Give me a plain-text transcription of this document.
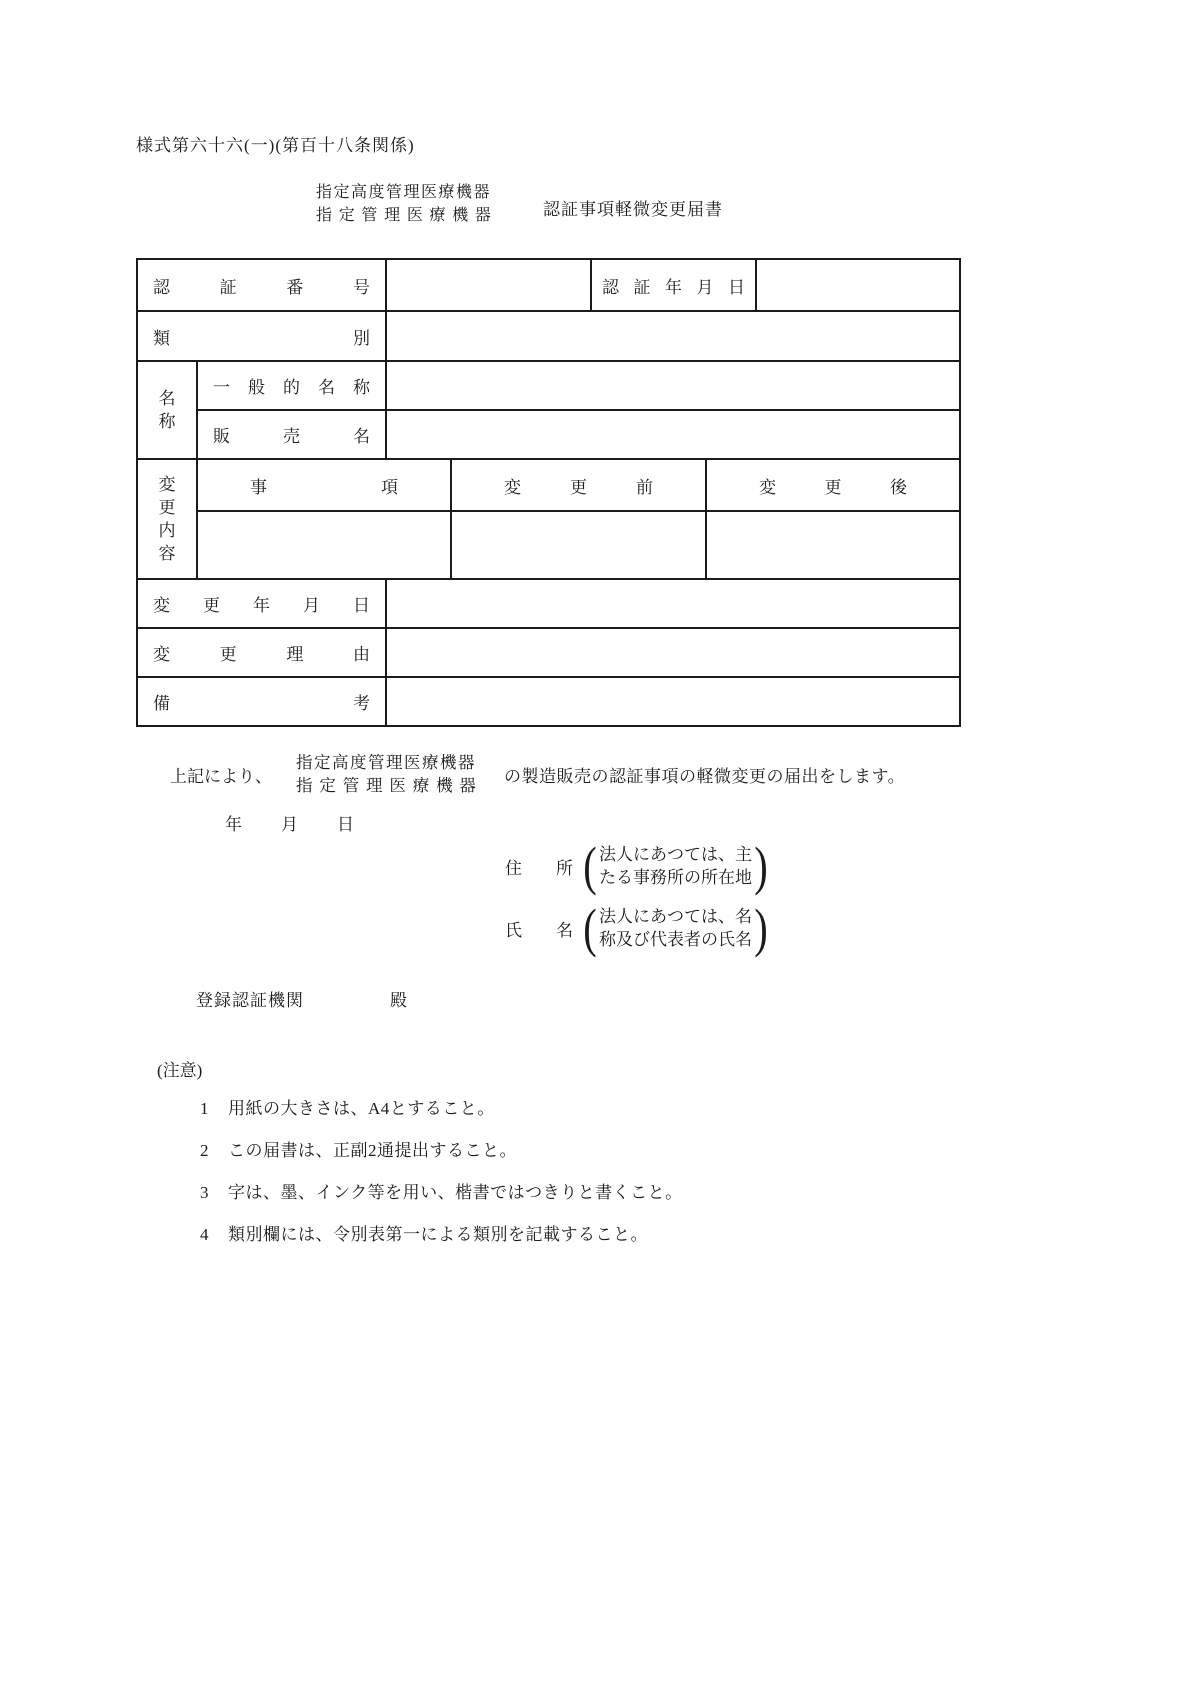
様式第六十六(一)(第百十八条関係)
指定高度管理医療機器
指 定 管 理 医 療 機 器	認証事項軽微変更届書
認 証 番 号				認 証 年 月 日		

類 別						

名
称	一 般 的 名 称					

	販 売 名					

変
更
内
容	事 項		変 更 前		変 更 後	

変 更 年 月 日						

変 更 理 由						

備 考						

上記により、
指定高度管理医療機器
指 定 管 理 医 療 機 器 の製造販売の認証事項の軽微変更の届出をします。
年 月 日
住 所 ( 法人にあつては、主
たる事務所の所在地 )
氏 名 ( 法人にあつては、名
称及び代表者の氏名 )
登録認証機関	殿
(注意)
1	用紙の大きさは、A4とすること。
2	この届書は、正副2通提出すること。
3	字は、墨、インク等を用い、楷書ではつきりと書くこと。
4	類別欄には、令別表第一による類別を記載すること。
